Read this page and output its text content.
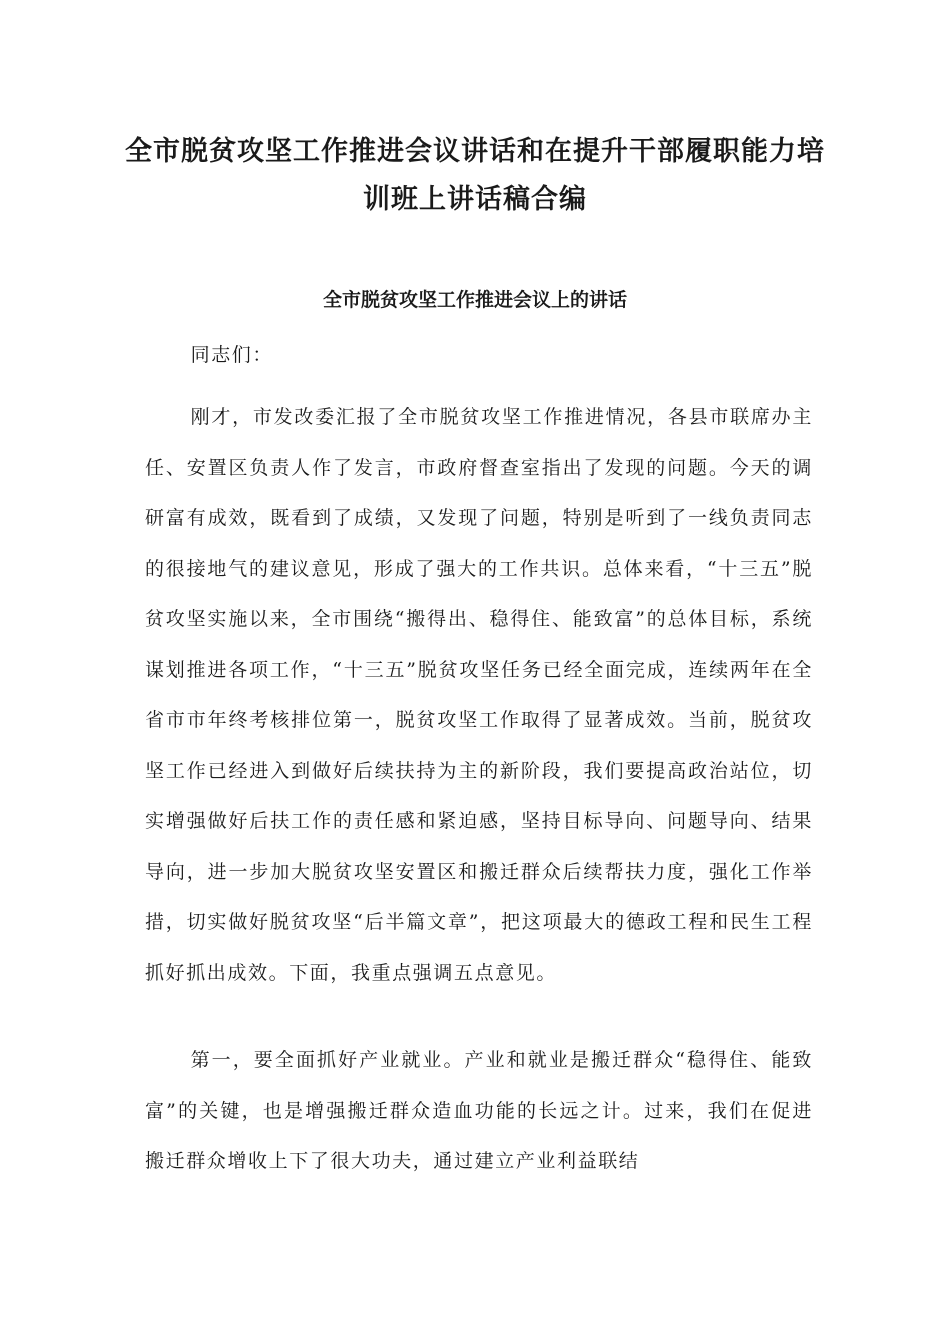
全市脱贫攻坚工作推进会议讲话和在提升干部履职能力培训班上讲话稿合编
全市脱贫攻坚工作推进会议上的讲话

同志们：

刚才，市发改委汇报了全市脱贫攻坚工作推进情况，各县市联席办主任、安置区负责人作了发言，市政府督查室指出了发现的问题。今天的调研富有成效，既看到了成绩，又发现了问题，特别是听到了一线负责同志的很接地气的建议意见，形成了强大的工作共识。总体来看，“十三五”脱贫攻坚实施以来，全市围绕“搬得出、稳得住、能致富”的总体目标，系统谋划推进各项工作，“十三五”脱贫攻坚任务已经全面完成，连续两年在全省市市年终考核排位第一，脱贫攻坚工作取得了显著成效。当前，脱贫攻坚工作已经进入到做好后续扶持为主的新阶段，我们要提高政治站位，切实增强做好后扶工作的责任感和紧迫感，坚持目标导向、问题导向、结果导向，进一步加大脱贫攻坚安置区和搬迁群众后续帮扶力度，强化工作举措，切实做好脱贫攻坚“后半篇文章”，把这项最大的德政工程和民生工程抓好抓出成效。下面，我重点强调五点意见。

第一，要全面抓好产业就业。产业和就业是搬迁群众“稳得住、能致富”的关键，也是增强搬迁群众造血功能的长远之计。过来，我们在促进搬迁群众增收上下了很大功夫，通过建立产业利益联结
